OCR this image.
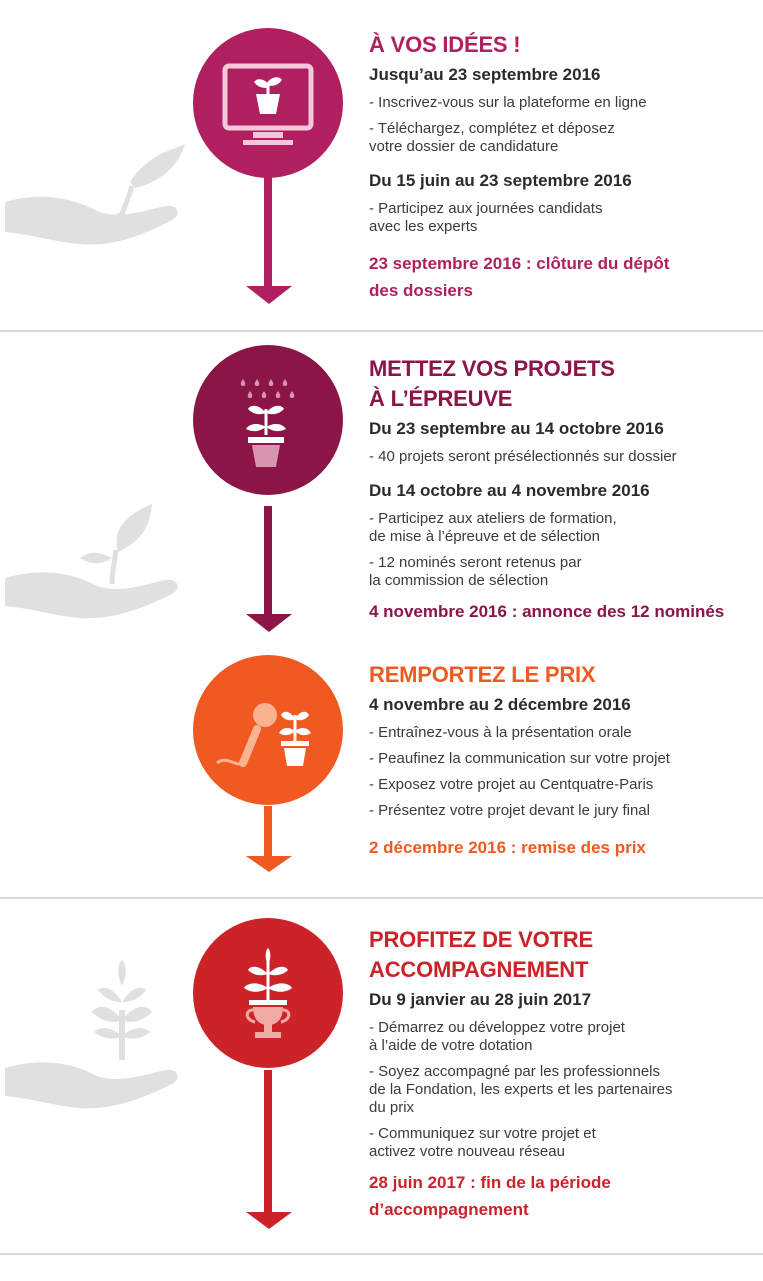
À VOS IDÉES !
Jusqu’au 23 septembre 2016
- Inscrivez-vous sur la plateforme en ligne
- Téléchargez, complétez et déposez
votre dossier de candidature
Du 15 juin au 23 septembre 2016
- Participez aux journées candidats
avec les experts
23 septembre 2016 : clôture du dépôt
des dossiers
METTEZ VOS PROJETS
À L’ÉPREUVE
Du 23 septembre au 14 octobre 2016
- 40 projets seront présélectionnés sur dossier
Du 14 octobre au 4 novembre 2016
- Participez aux ateliers de formation,
de mise à l’épreuve et de sélection
- 12 nominés seront retenus par
la commission de sélection
4 novembre 2016 : annonce des 12 nominés
REMPORTEZ LE PRIX
4 novembre au 2 décembre 2016
- Entraînez-vous à la présentation orale
- Peaufinez la communication sur votre projet
- Exposez votre projet au Centquatre-Paris
- Présentez votre projet devant le jury final
2 décembre 2016 : remise des prix
PROFITEZ DE VOTRE
ACCOMPAGNEMENT
Du 9 janvier au 28 juin 2017
- Démarrez ou développez votre projet
à l’aide de votre dotation
- Soyez accompagné par les professionnels
de la Fondation, les experts et les partenaires
du prix
- Communiquez sur votre projet et
activez votre nouveau réseau
28 juin 2017 : fin de la période
d’accompagnement
